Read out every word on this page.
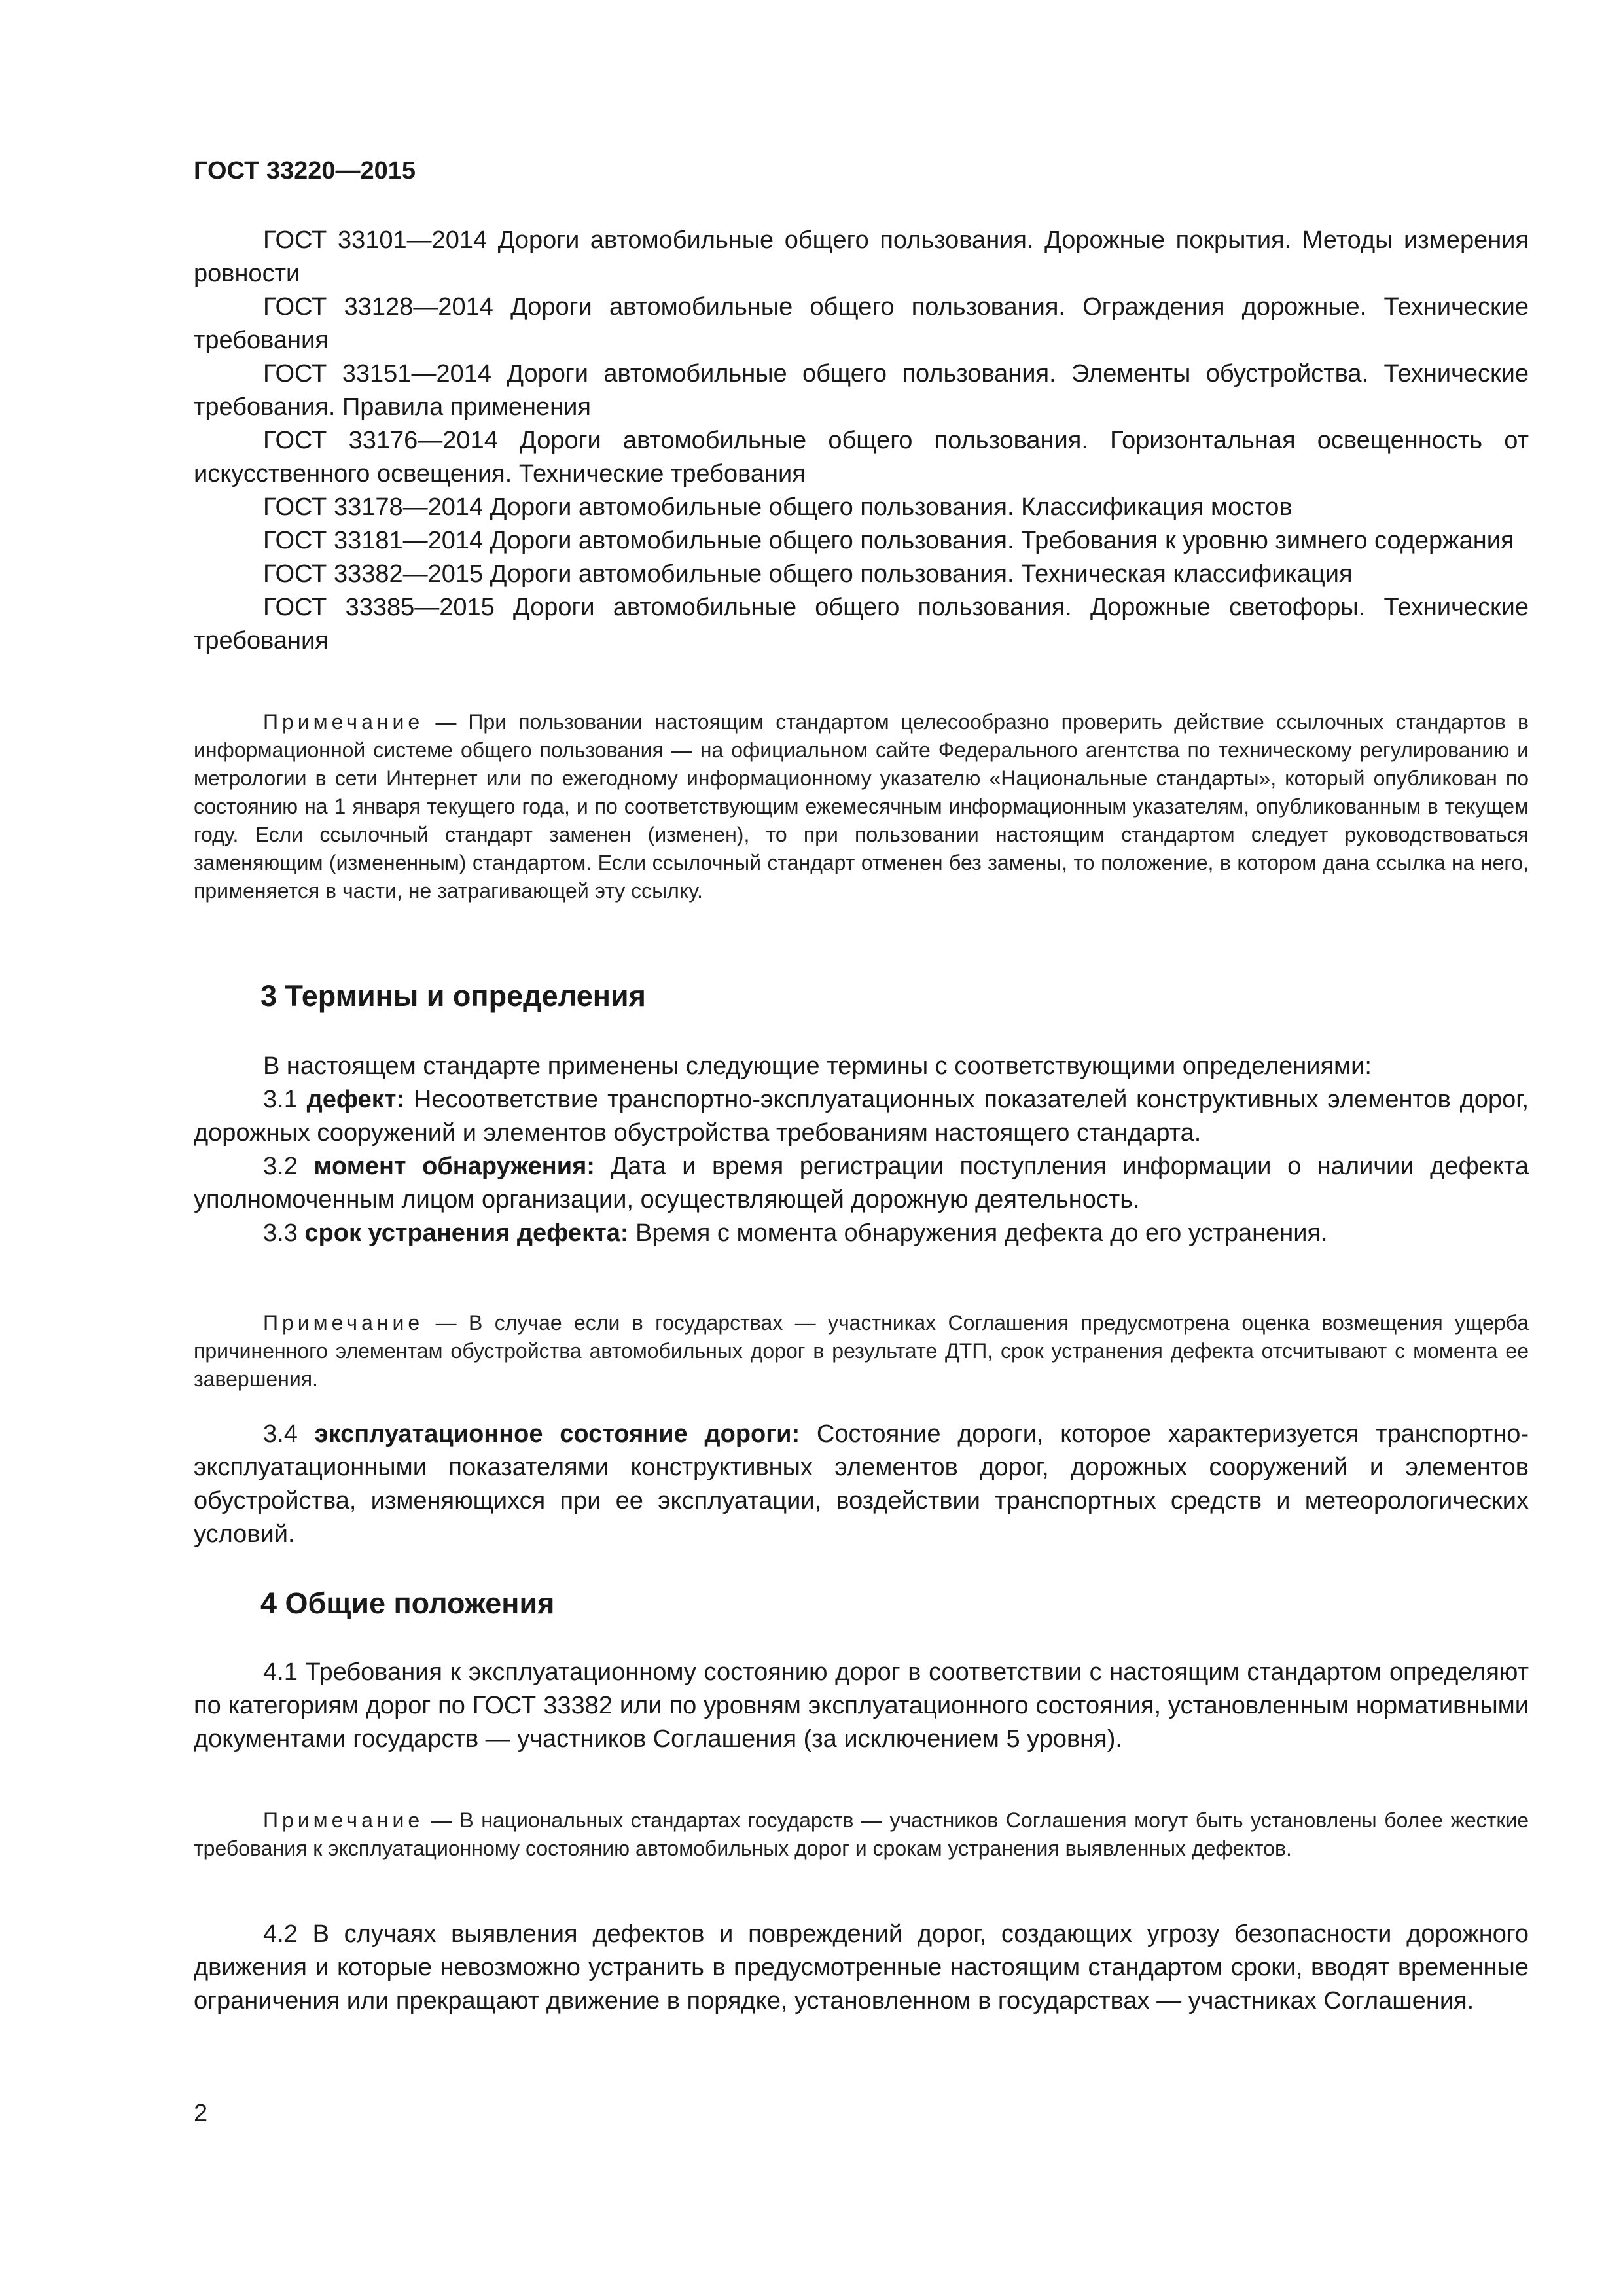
ГОСТ 33220—2015

ГОСТ 33101—2014 Дороги автомобильные общего пользования. Дорожные покрытия. Методы измерения ровности

ГОСТ 33128—2014 Дороги автомобильные общего пользования. Ограждения дорожные. Технические требования

ГОСТ 33151—2014 Дороги автомобильные общего пользования. Элементы обустройства. Технические требования. Правила применения

ГОСТ 33176—2014 Дороги автомобильные общего пользования. Горизонтальная освещенность от искусственного освещения. Технические требования

ГОСТ 33178—2014 Дороги автомобильные общего пользования. Классификация мостов

ГОСТ 33181—2014 Дороги автомобильные общего пользования. Требования к уровню зимнего содержания

ГОСТ 33382—2015 Дороги автомобильные общего пользования. Техническая классификация

ГОСТ 33385—2015 Дороги автомобильные общего пользования. Дорожные светофоры. Технические требования

Примечание — При пользовании настоящим стандартом целесообразно проверить действие ссылочных стандартов в информационной системе общего пользования — на официальном сайте Федерального агентства по техническому регулированию и метрологии в сети Интернет или по ежегодному информационному указателю «Национальные стандарты», который опубликован по состоянию на 1 января текущего года, и по соответствующим ежемесячным информационным указателям, опубликованным в текущем году. Если ссылочный стандарт заменен (изменен), то при пользовании настоящим стандартом следует руководствоваться заменяющим (измененным) стандартом. Если ссылочный стандарт отменен без замены, то положение, в котором дана ссылка на него, применяется в части, не затрагивающей эту ссылку.

3 Термины и определения

В настоящем стандарте применены следующие термины с соответствующими определениями:

3.1 дефект: Несоответствие транспортно-эксплуатационных показателей конструктивных элементов дорог, дорожных сооружений и элементов обустройства требованиям настоящего стандарта.

3.2 момент обнаружения: Дата и время регистрации поступления информации о наличии дефекта уполномоченным лицом организации, осуществляющей дорожную деятельность.

3.3 срок устранения дефекта: Время с момента обнаружения дефекта до его устранения.

Примечание — В случае если в государствах — участниках Соглашения предусмотрена оценка возмещения ущерба причиненного элементам обустройства автомобильных дорог в результате ДТП, срок устранения дефекта отсчитывают с момента ее завершения.

3.4 эксплуатационное состояние дороги: Состояние дороги, которое характеризуется транспортно-эксплуатационными показателями конструктивных элементов дорог, дорожных сооружений и элементов обустройства, изменяющихся при ее эксплуатации, воздействии транспортных средств и метеорологических условий.

4 Общие положения

4.1 Требования к эксплуатационному состоянию дорог в соответствии с настоящим стандартом определяют по категориям дорог по ГОСТ 33382 или по уровням эксплуатационного состояния, установленным нормативными документами государств — участников Соглашения (за исключением 5 уровня).

Примечание — В национальных стандартах государств — участников Соглашения могут быть установлены более жесткие требования к эксплуатационному состоянию автомобильных дорог и срокам устранения выявленных дефектов.

4.2 В случаях выявления дефектов и повреждений дорог, создающих угрозу безопасности дорожного движения и которые невозможно устранить в предусмотренные настоящим стандартом сроки, вводят временные ограничения или прекращают движение в порядке, установленном в государствах — участниках Соглашения.

2
